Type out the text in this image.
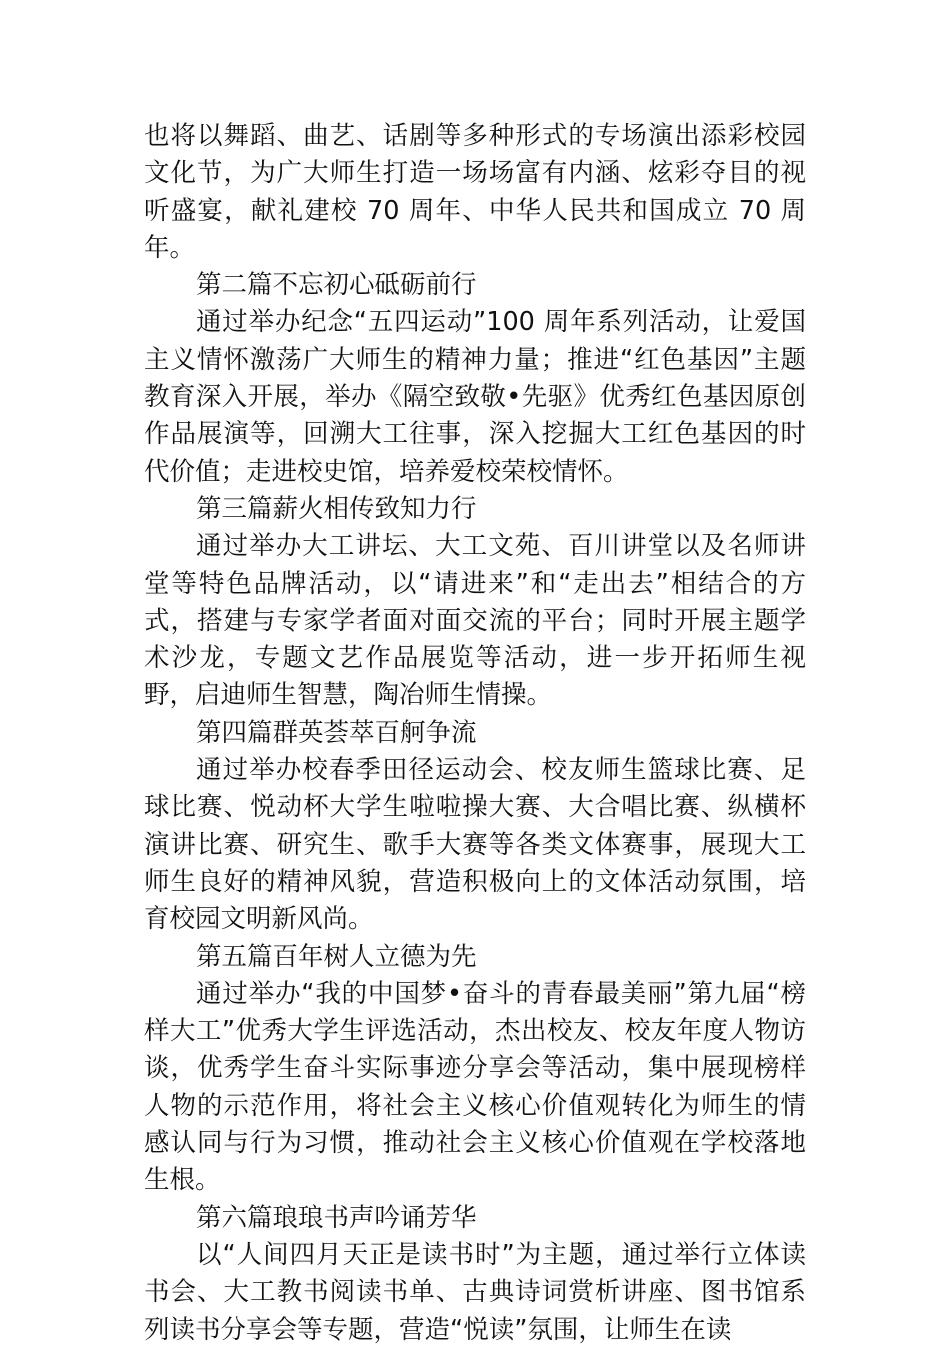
也将以舞蹈、曲艺、话剧等多种形式的专场演出添彩校园文化节，为广大师生打造一场场富有内涵、炫彩夺目的视听盛宴，献礼建校 70 周年、中华人民共和国成立 70 周年。

第二篇不忘初心砥砺前行

通过举办纪念“五四运动”100 周年系列活动，让爱国主义情怀激荡广大师生的精神力量；推进“红色基因”主题教育深入开展，举办《隔空致敬•先驱》优秀红色基因原创作品展演等，回溯大工往事，深入挖掘大工红色基因的时代价值；走进校史馆，培养爱校荣校情怀。

第三篇薪火相传致知力行

通过举办大工讲坛、大工文苑、百川讲堂以及名师讲堂等特色品牌活动，以“请进来”和“走出去”相结合的方式，搭建与专家学者面对面交流的平台；同时开展主题学术沙龙，专题文艺作品展览等活动，进一步开拓师生视野，启迪师生智慧，陶冶师生情操。

第四篇群英荟萃百舸争流

通过举办校春季田径运动会、校友师生篮球比赛、足球比赛、悦动杯大学生啦啦操大赛、大合唱比赛、纵横杯演讲比赛、研究生、歌手大赛等各类文体赛事，展现大工师生良好的精神风貌，营造积极向上的文体活动氛围，培育校园文明新风尚。

第五篇百年树人立德为先

通过举办“我的中国梦•奋斗的青春最美丽”第九届“榜样大工”优秀大学生评选活动，杰出校友、校友年度人物访谈，优秀学生奋斗实际事迹分享会等活动，集中展现榜样人物的示范作用，将社会主义核心价值观转化为师生的情感认同与行为习惯，推动社会主义核心价值观在学校落地生根。

第六篇琅琅书声吟诵芳华

以“人间四月天正是读书时”为主题，通过举行立体读书会、大工教书阅读书单、古典诗词赏析讲座、图书馆系列读书分享会等专题，营造“悦读”氛围，让师生在读
